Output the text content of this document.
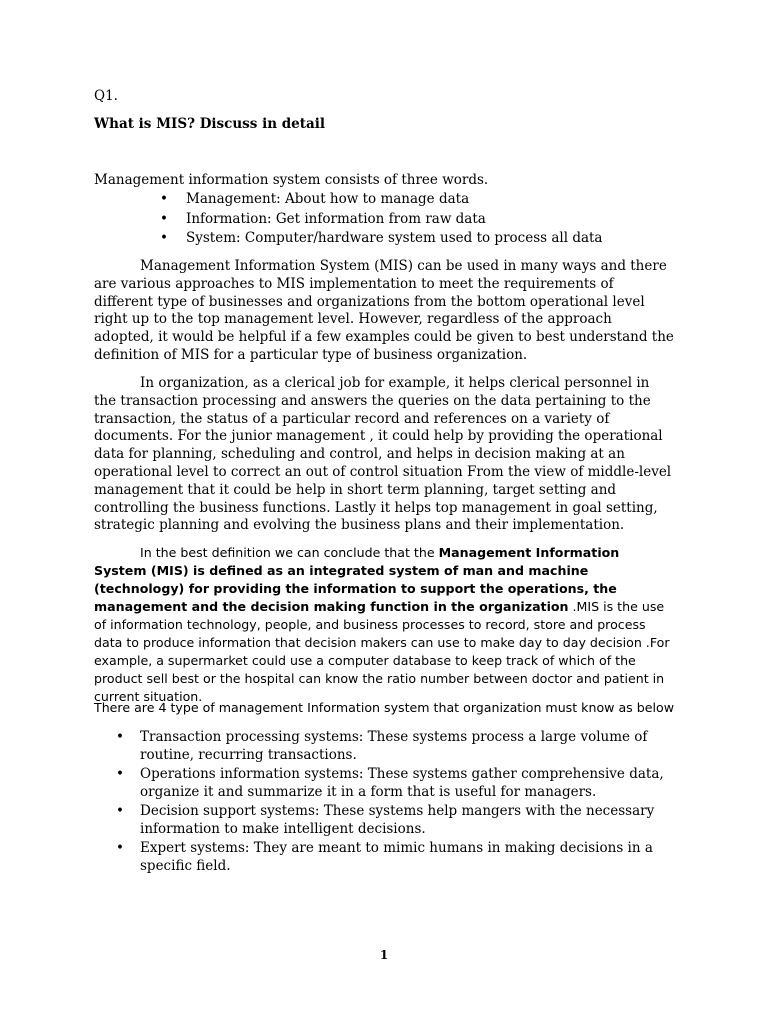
Q1.
What is MIS? Discuss in detail
Management information system consists of three words.
• Management: About how to manage data
• Information: Get information from raw data
• System: Computer/hardware system used to process all data

Management Information System (MIS) can be used in many ways and there are various approaches to MIS implementation to meet the requirements of different type of businesses and organizations from the bottom operational level right up to the top management level. However, regardless of the approach adopted, it would be helpful if a few examples could be given to best understand the definition of MIS for a particular type of business organization.

In organization, as a clerical job for example, it helps clerical personnel in the transaction processing and answers the queries on the data pertaining to the transaction, the status of a particular record and references on a variety of documents. For the junior management , it could help by providing the operational data for planning, scheduling and control, and helps in decision making at an operational level to correct an out of control situation From the view of middle-level management that it could be help in short term planning, target setting and controlling the business functions. Lastly it helps top management in goal setting, strategic planning and evolving the business plans and their implementation.

In the best definition we can conclude that the Management Information System (MIS) is defined as an integrated system of man and machine (technology) for providing the information to support the operations, the management and the decision making function in the organization .MIS is the use of information technology, people, and business processes to record, store and process data to produce information that decision makers can use to make day to day decision .For example, a supermarket could use a computer database to keep track of which of the product sell best or the hospital can know the ratio number between doctor and patient in current situation.

There are 4 type of management Information system that organization must know as below

• Transaction processing systems: These systems process a large volume of routine, recurring transactions.
• Operations information systems: These systems gather comprehensive data, organize it and summarize it in a form that is useful for managers.
• Decision support systems: These systems help mangers with the necessary information to make intelligent decisions.
• Expert systems: They are meant to mimic humans in making decisions in a specific field.
1
